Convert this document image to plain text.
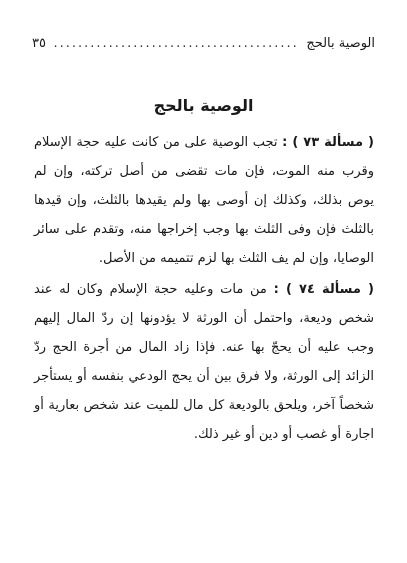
الوصية بالحج
........................................
٣٥
الوصية بالحج

( مسألة ٧٣ ) : تجب الوصية على من كانت عليه حجة الإسلام وقرب منه الموت، فإن مات تقضى من أصل تركته، وإن لم يوص بذلك، وكذلك إن أوصى بها ولم يقيدها بالثلث، وإن قيدها بالثلث فإن وفى الثلث بها وجب إخراجها منه، وتقدم على سائر الوصايا، وإن لم يف الثلث بها لزم تتميمه من الأصل.

( مسألة ٧٤ ) : من مات وعليه حجة الإسلام وكان له عند شخص وديعة، واحتمل أن الورثة لا يؤدونها إن ردّ المال إليهم وجب عليه أن يحجّ بها عنه. فإذا زاد المال من أجرة الحج ردّ الزائد إلى الورثة، ولا فرق بين أن يحج الودعي بنفسه أو يستأجر شخصاً آخر، ويلحق بالوديعة كل مال للميت عند شخص بعارية أو اجارة أو غصب أو دين أو غير ذلك.
